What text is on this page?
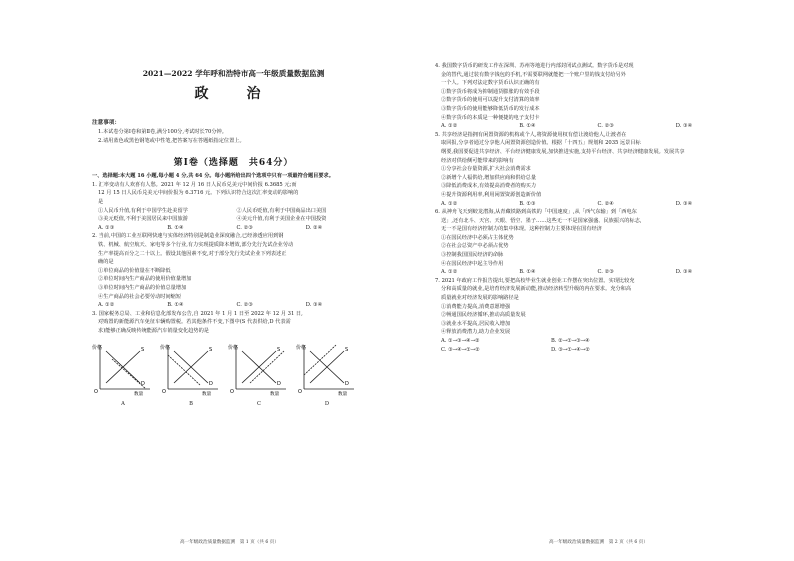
2021—2022 学年呼和浩特市高一年级质量数据监测
政　治
注意事项：
1.本试卷分第Ⅰ卷和第Ⅱ卷,满分100分,考试时长70分钟。
2.请用蓝色或黑色钢笔或中性笔,把答案写在答题纸指定位置上。
第Ⅰ卷（选择题　共64分）
一、选择题:本大题 16 小题,每小题 4 分,共 64 分。每小题所给出四个选项中只有一项最符合题目要求。
1. 汇率变动有人欢喜有人愁。2021 年 12 月 16 日人民币兑美元中间价报 6.3685 元;而
12 月 15 日人民币兑美元中间价报为 6.3716 元。下列认识符合这次汇率变动的影响的
是
①人民币升值,有利于中国学生赴美留学	②人民币贬值,有利于中国商品出口美国
③美元贬值,不利于美国居民来中国旅游	④美元升值,有利于美国企业在中国投资
A. ①③	B. ①④	C. ②③	D. ②④
2. 当前,中国的工业互联网快速与实体经济特别是制造业深度融合,已经渗透应用到钢
铁、机械、航空航天、家电等多个行业,有力实现提质降本增效,部分先行先试企业劳动
生产率提高百分之二十以上。假设其他因素不变,对于部分先行先试企业下列表述正
确的是
①单位商品的价值量在不断降低
②单位时间内生产商品的使用价值量增加
③单位时间内生产商品的价值总量增加
④生产商品的社会必要劳动时间缩短
A. ①②	B. ①④	C. ②③	D. ③④
3. 国家税务总局、工业和信息化部发布公告,自 2021 年 1 月 1 日至 2022 年 12 月 31 日,
对购置的新能源汽车免征车辆购置税。若其他条件不变,下图中(S 代表供给,D 代表需
求)能够正确反映传统能源汽车销量变化趋势的是
价格
O	数量
S
D
A
价格
O	数量
S
D
B
价格
O	数量
S
D
C
价格
O	数量
S
D
D
高一年级政治质量数据监测　第 1 页（共 6 页）
4. 我国数字货币的研发工作在深圳、苏州等地进行内部封闭试点测试。数字货币是对现
金的替代,通过装有数字钱包的手机,不需要联网就能把一个账户里的钱支付给另外
一个人。下列对法定数字货币认识正确的有
①数字货币将成为抑制通货膨胀的有效手段
②数字货币的使用可以提升支付清算的效率
③数字货币的使用能够降低货币的发行成本
④数字货币的本质是一种便捷的电子支付卡
A. ①②	B. ①④	C. ②③	D. ③④
5. 共享经济是指拥有闲置资源的机构或个人,将资源使用权有偿让渡给他人,让渡者在
取回报,分享者通过分享他人闲置资源创造价值。根据「十四五」规划和 2035 远景目标
纲要,我国要促进共享经济、平台经济健康发展,加快推进实施,支持平台经济、共享经济健康发展。发展共享
经济对供给侧可能带来的影响有
①分享社会存量资源,扩大社会消费需求
②新增个人福供给,增加供应商和供给总量
③降低消费成本,有效提高消费者的购买力
④提升资源利用率,利用闲置资源创造新价值
A. ①②	B. ①③	C. ②④	D. ③④
6. 从神舟飞天到蛟龙潜海,从青藏铁路到高铁的「中国速度」,从「西气东输」到「西电东
送」,还有北斗、天宫、天眼、悟空、墨子……这些无一不是国家强盛、民族振兴的标志,
无一不是国有经济控制力的集中体现。这种控制力主要体现在国有经济
①在国民经济中必须占主体优势
②在社会总资产中必须占优势
③控制我国国民经济的命脉
④在国民经济中起主导作用
A. ①②	B. ①④	C. ②③	D. ③④
7. 2021 年政府工作报告提出,要把高校毕业生就业创业工作摆在突出位置。实现比较充
分和高质量的就业,是培育经济发展新动能,推动经济转型升级的内在要求。充分和高
质量就业对经济发展的影响路径是
①消费能力提高,消费意愿增强
②畅通国民经济循环,推动高质量发展
③就业水平提高,居民收入增加
④释放消费潜力,助力企业发展
A. ①→③→④→②	B. ②→①→③→④
C. ③→④→①→②	D. ③→①→④→②
高一年级政治质量数据监测　第 2 页（共 6 页）
